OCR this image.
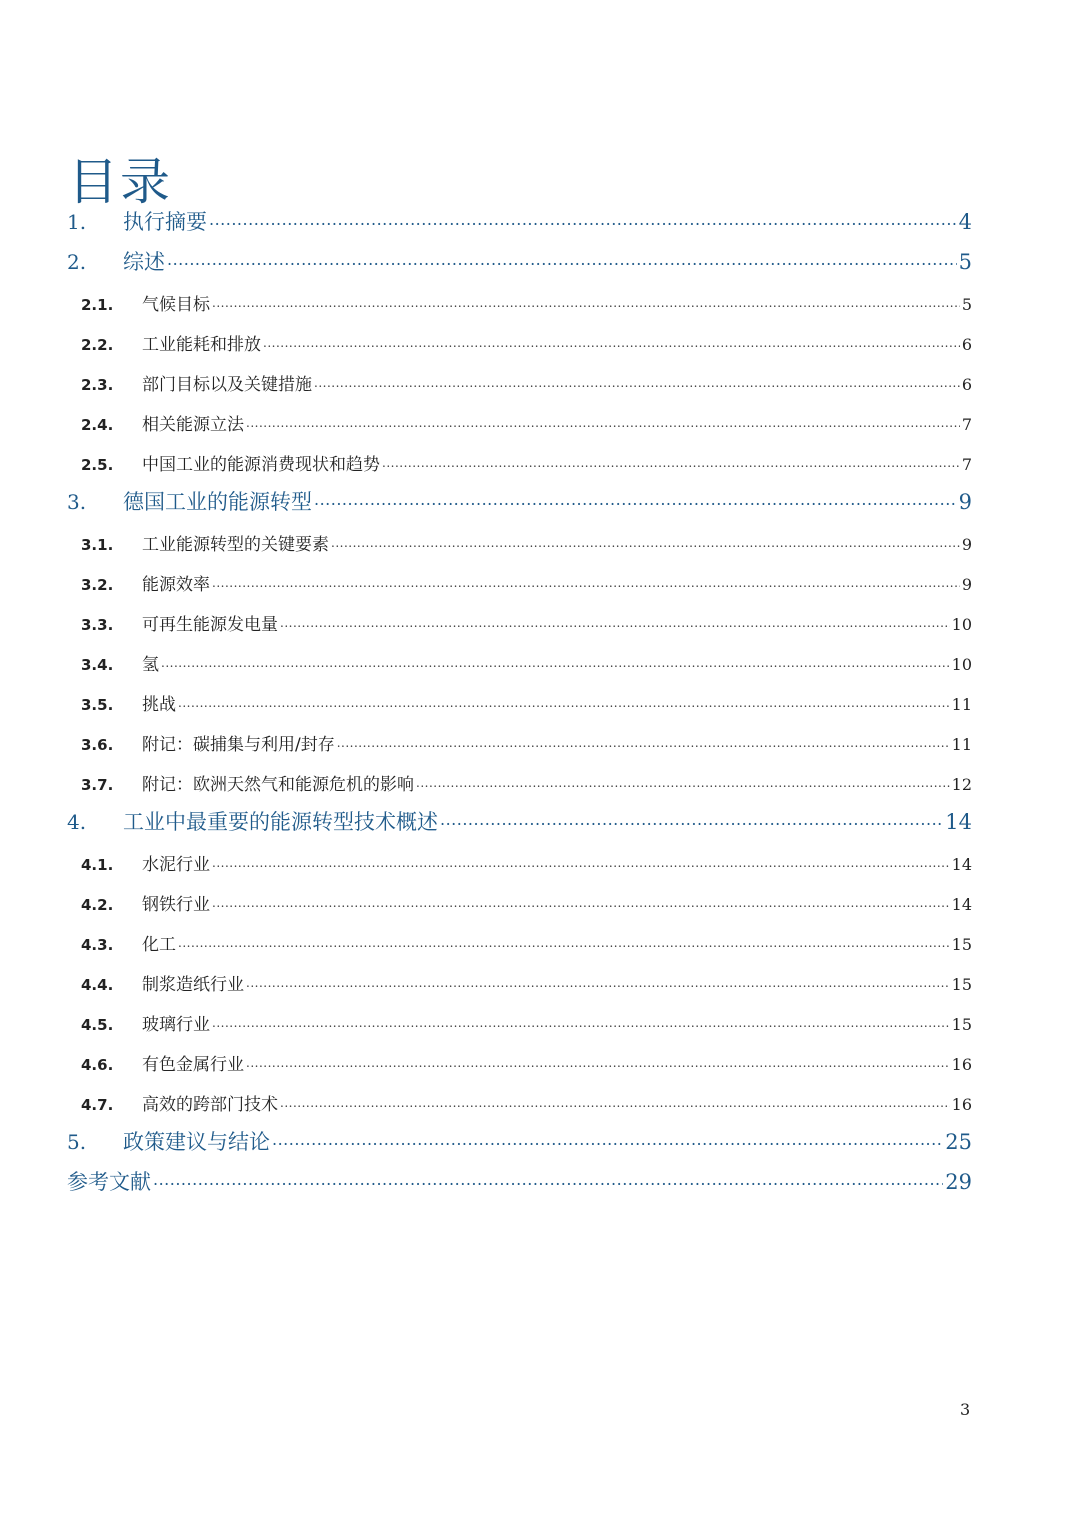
目录
1.	执行摘要 .....	4
2.	综述 .....	5
2.1.	气候目标 .....	5
2.2.	工业能耗和排放 .....	6
2.3.	部门目标以及关键措施 .....	6
2.4.	相关能源立法 .....	7
2.5.	中国工业的能源消费现状和趋势 .....	7
3.	德国工业的能源转型 .....	9
3.1.	工业能源转型的关键要素 .....	9
3.2.	能源效率 .....	9
3.3.	可再生能源发电量 .....	10
3.4.	氢 .....	10
3.5.	挑战 .....	11
3.6.	附记：碳捕集与利用/封存 .....	11
3.7.	附记：欧洲天然气和能源危机的影响 .....	12
4.	工业中最重要的能源转型技术概述 .....	14
4.1.	水泥行业 .....	14
4.2.	钢铁行业 .....	14
4.3.	化工 .....	15
4.4.	制浆造纸行业 .....	15
4.5.	玻璃行业 .....	15
4.6.	有色金属行业 .....	16
4.7.	高效的跨部门技术 .....	16
5.	政策建议与结论 .....	25
参考文献 .....	29
3
